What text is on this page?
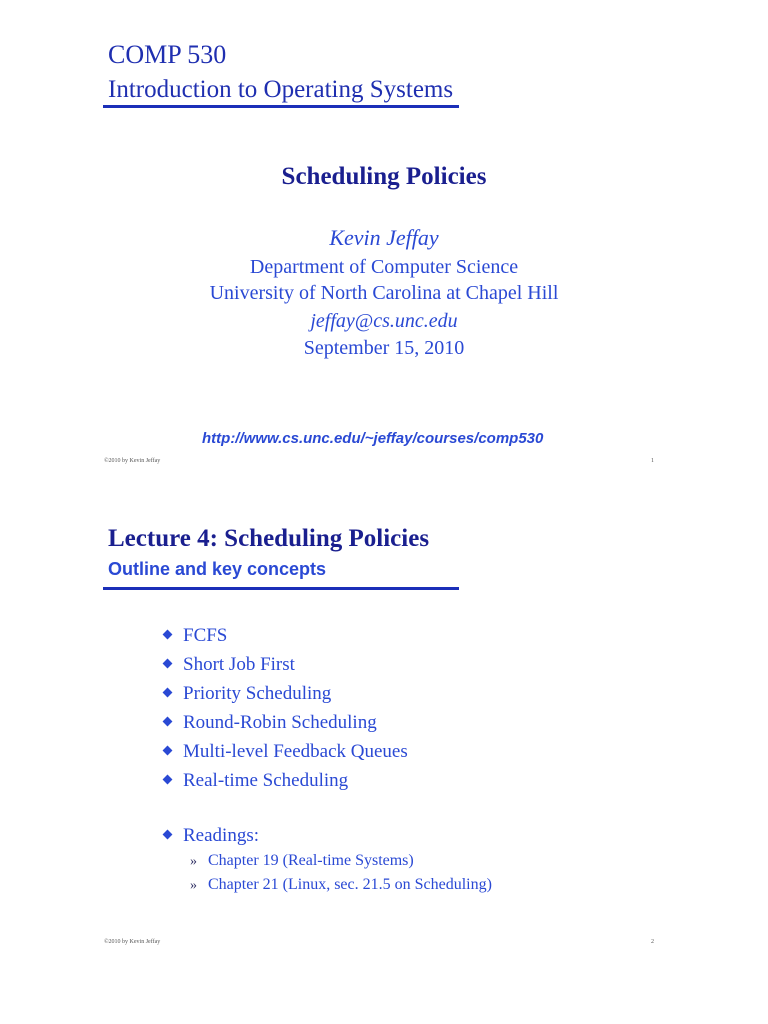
COMP 530
Introduction to Operating Systems
Scheduling Policies
Kevin Jeffay
Department of Computer Science
University of North Carolina at Chapel Hill
jeffay@cs.unc.edu
September 15, 2010
http://www.cs.unc.edu/~jeffay/courses/comp530
©2010 by Kevin Jeffay	1
Lecture 4: Scheduling Policies
Outline and key concepts
FCFS
Short Job First
Priority Scheduling
Round-Robin Scheduling
Multi-level Feedback Queues
Real-time Scheduling
Readings:
» Chapter 19 (Real-time Systems)
» Chapter 21 (Linux, sec. 21.5 on Scheduling)
©2010 by Kevin Jeffay	2
